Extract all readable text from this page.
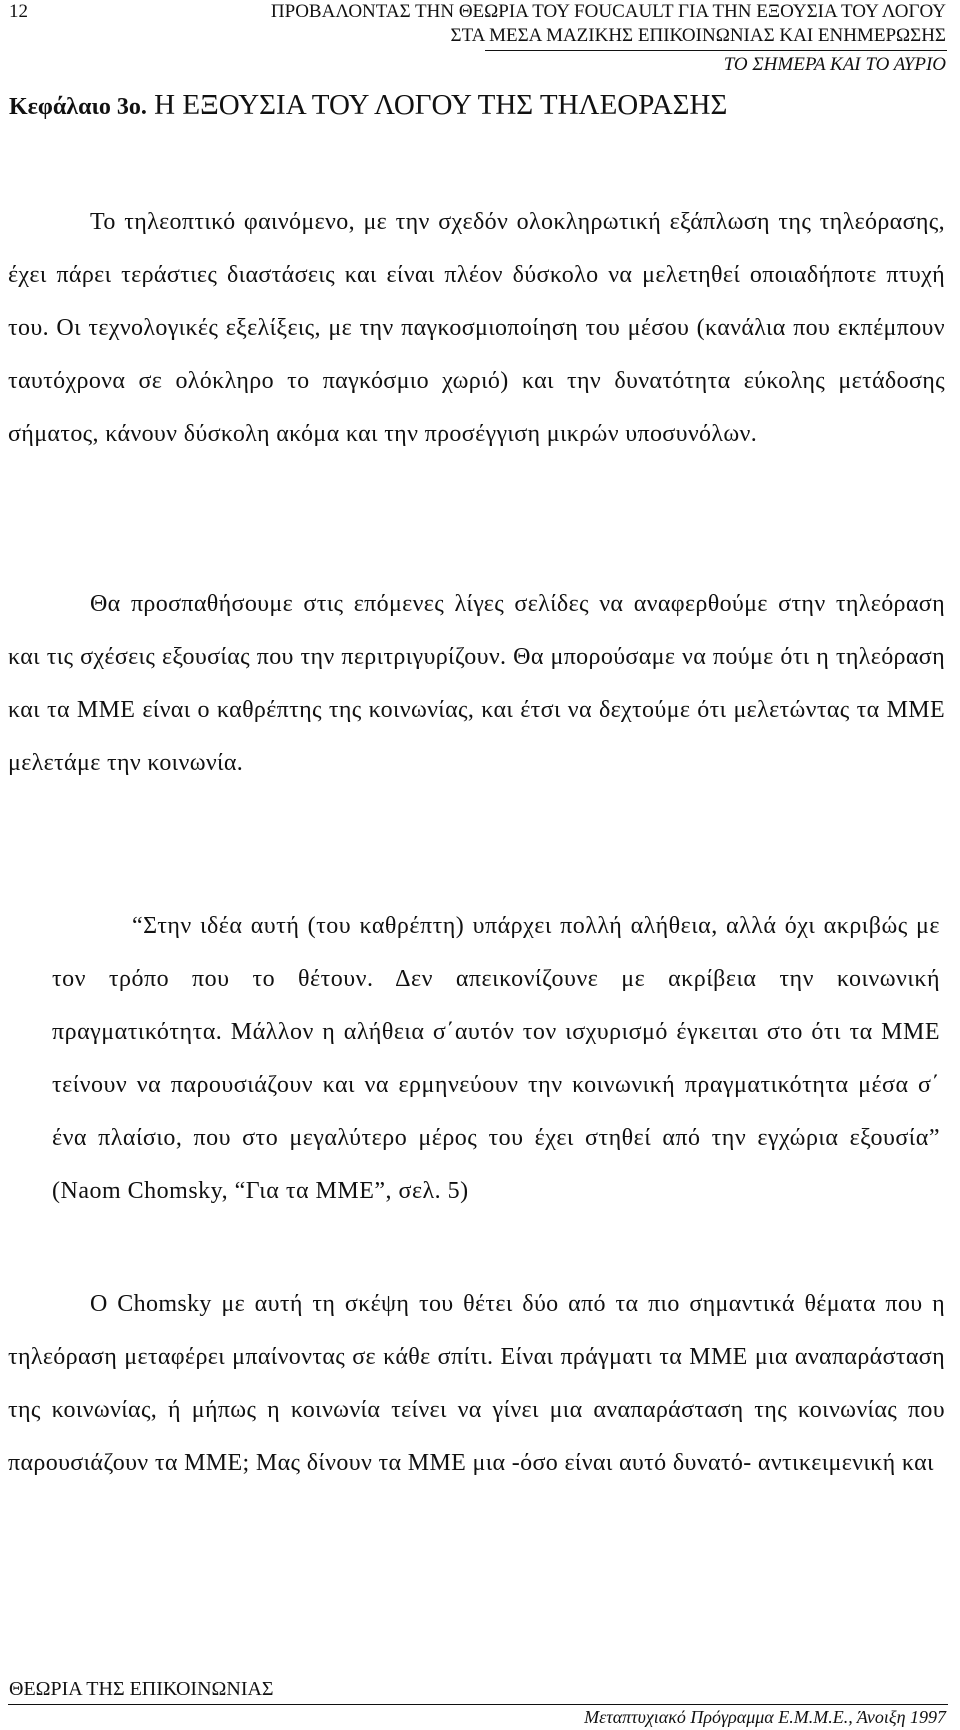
12	ΠΡΟΒΑΛΟΝΤΑΣ ΤΗΝ ΘΕΩΡΙΑ ΤΟΥ FOUCAULT ΓΙΑ ΤΗΝ ΕΞΟΥΣΙΑ ΤΟΥ ΛΟΓΟΥ
ΣΤΑ ΜΕΣΑ ΜΑΖΙΚΗΣ ΕΠΙΚΟΙΝΩΝΙΑΣ ΚΑΙ ΕΝΗΜΕΡΩΣΗΣ
ΤΟ ΣΗΜΕΡΑ ΚΑΙ ΤΟ ΑΥΡΙΟ
Κεφάλαιο 3ο. Η ΕΞΟΥΣΙΑ ΤΟΥ ΛΟΓΟΥ ΤΗΣ ΤΗΛΕΟΡΑΣΗΣ

Το τηλεοπτικό φαινόμενο, με την σχεδόν ολοκληρωτική εξάπλωση της τηλεόρασης, έχει πάρει τεράστιες διαστάσεις και είναι πλέον δύσκολο να μελετηθεί οποιαδήποτε πτυχή του. Οι τεχνολογικές εξελίξεις, με την παγκοσμιοποίηση του μέσου (κανάλια που εκπέμπουν ταυτόχρονα σε ολόκληρο το παγκόσμιο χωριό) και την δυνατότητα εύκολης μετάδοσης σήματος, κάνουν δύσκολη ακόμα και την προσέγγιση μικρών υποσυνόλων.

Θα προσπαθήσουμε στις επόμενες λίγες σελίδες να αναφερθούμε στην τηλεόραση και τις σχέσεις εξουσίας που την περιτριγυρίζουν. Θα μπορούσαμε να πούμε ότι η τηλεόραση και τα ΜΜΕ είναι ο καθρέπτης της κοινωνίας, και έτσι να δεχτούμε ότι μελετώντας τα ΜΜΕ μελετάμε την κοινωνία.

“Στην ιδέα αυτή (του καθρέπτη) υπάρχει πολλή αλήθεια, αλλά όχι ακριβώς με τον τρόπο που το θέτουν. Δεν απεικονίζουνε με ακρίβεια την κοινωνική πραγματικότητα. Μάλλον η αλήθεια σ΄αυτόν τον ισχυρισμό έγκειται στο ότι τα ΜΜΕ τείνουν να παρουσιάζουν και να ερμηνεύουν την κοινωνική πραγματικότητα μέσα σ΄ ένα πλαίσιο, που στο μεγαλύτερο μέρος του έχει στηθεί από την εγχώρια εξουσία” (Naom Chomsky, “Για τα ΜΜΕ”, σελ. 5)

Ο Chomsky με αυτή τη σκέψη του θέτει δύο από τα πιο σημαντικά θέματα που η τηλεόραση μεταφέρει μπαίνοντας σε κάθε σπίτι. Είναι πράγματι τα ΜΜΕ μια αναπαράσταση της κοινωνίας, ή μήπως η κοινωνία τείνει να γίνει μια αναπαράσταση της κοινωνίας που παρουσιάζουν τα ΜΜΕ; Μας δίνουν τα ΜΜΕ μια -όσο είναι αυτό δυνατό- αντικειμενική και

ΘΕΩΡΙΑ ΤΗΣ ΕΠΙΚΟΙΝΩΝΙΑΣ
Μεταπτυχιακό Πρόγραμμα Ε.Μ.Μ.Ε., Άνοιξη 1997
